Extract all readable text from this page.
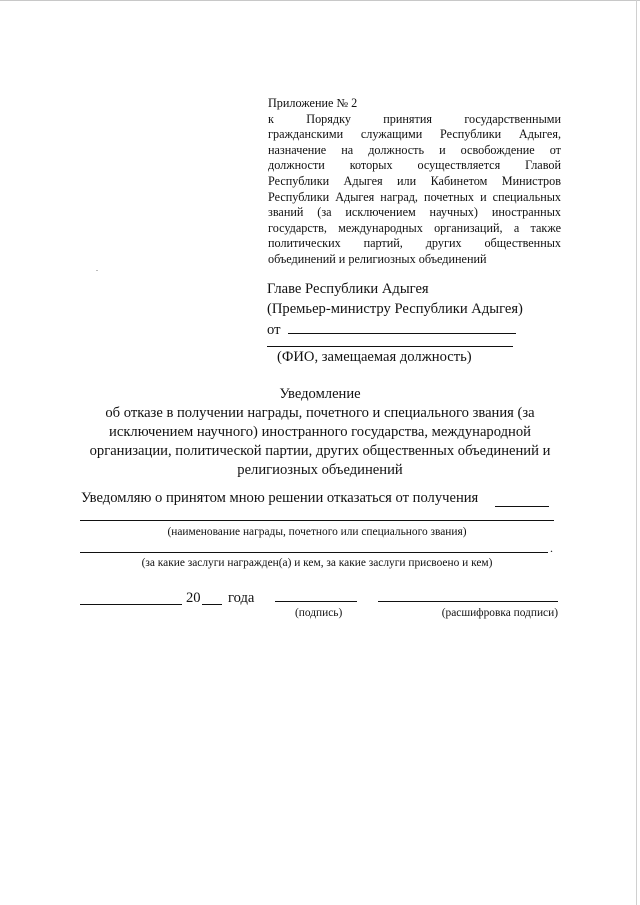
Приложение № 2
к Порядку принятия государственными
гражданскими служащими Республики Адыгея,
назначение на должность и освобождение от
должности которых осуществляется Главой
Республики Адыгея или Кабинетом Министров
Республики Адыгея наград, почетных и специальных
званий (за исключением научных) иностранных
государств, международных организаций, а также
политических партий, других общественных
объединений и религиозных объединений
Главе Республики Адыгея
(Премьер-министру Республики Адыгея)
от
(ФИО, замещаемая должность)
Уведомление
об отказе в получении награды, почетного и специального звания (за
исключением научного) иностранного государства, международной
организации, политической партии, других общественных объединений и
религиозных объединений
Уведомляю о принятом мною решении отказаться от получения
(наименование награды, почетного или специального звания)
.
(за какие заслуги награжден(а) и кем, за какие заслуги присвоено и кем)
20 года
(подпись)	(расшифровка подписи)
